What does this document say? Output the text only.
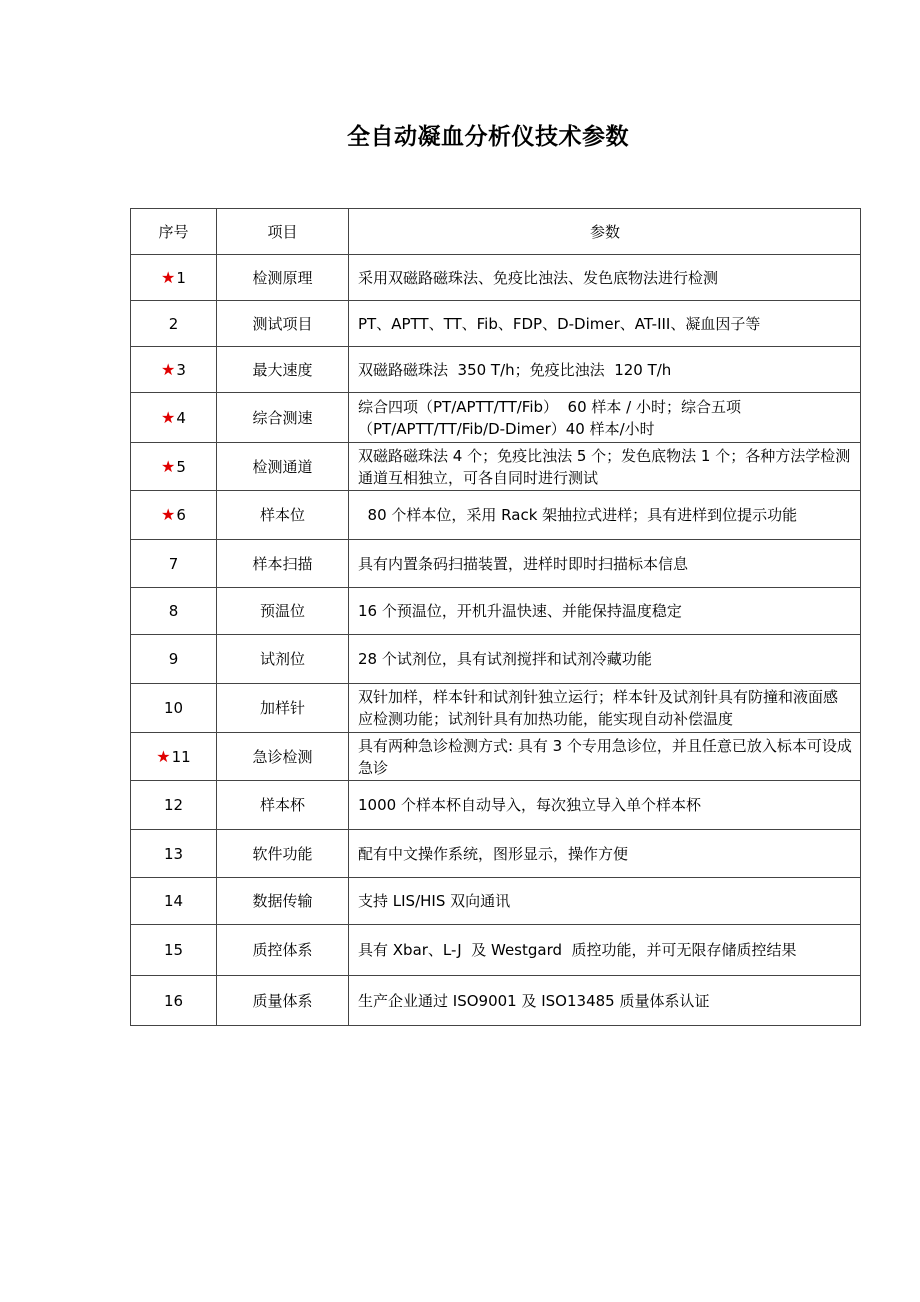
全自动凝血分析仪技术参数
序号	项目	参数
★1	检测原理	采用双磁路磁珠法、免疫比浊法、发色底物法进行检测

2	测试项目	PT、APTT、TT、Fib、FDP、D-Dimer、AT-III、凝血因子等

★3	最大速度	双磁路磁珠法  350 T/h；免疫比浊法  120 T/h

★4	综合测速	综合四项（PT/APTT/TT/Fib）  60 样本 / 小时；综合五项（PT/APTT/TT/Fib/D-Dimer）40 样本/小时

★5	检测通道	双磁路磁珠法 4 个；免疫比浊法 5 个；发色底物法 1 个；各种方法学检测通道互相独立，可各自同时进行测试

★6	样本位	80 个样本位，采用 Rack 架抽拉式进样；具有进样到位提示功能

7	样本扫描	具有内置条码扫描装置，进样时即时扫描标本信息

8	预温位	16 个预温位，开机升温快速、并能保持温度稳定

9	试剂位	28 个试剂位，具有试剂搅拌和试剂冷藏功能

10	加样针	双针加样，样本针和试剂针独立运行；样本针及试剂针具有防撞和液面感应检测功能；试剂针具有加热功能，能实现自动补偿温度

★11	急诊检测	具有两种急诊检测方式: 具有 3 个专用急诊位，并且任意已放入标本可设成急诊

12	样本杯	1000 个样本杯自动导入，每次独立导入单个样本杯

13	软件功能	配有中文操作系统，图形显示，操作方便

14	数据传输	支持 LIS/HIS 双向通讯

15	质控体系	具有 Xbar、L-J  及 Westgard  质控功能，并可无限存储质控结果

16	质量体系	生产企业通过 ISO9001 及 ISO13485 质量体系认证
